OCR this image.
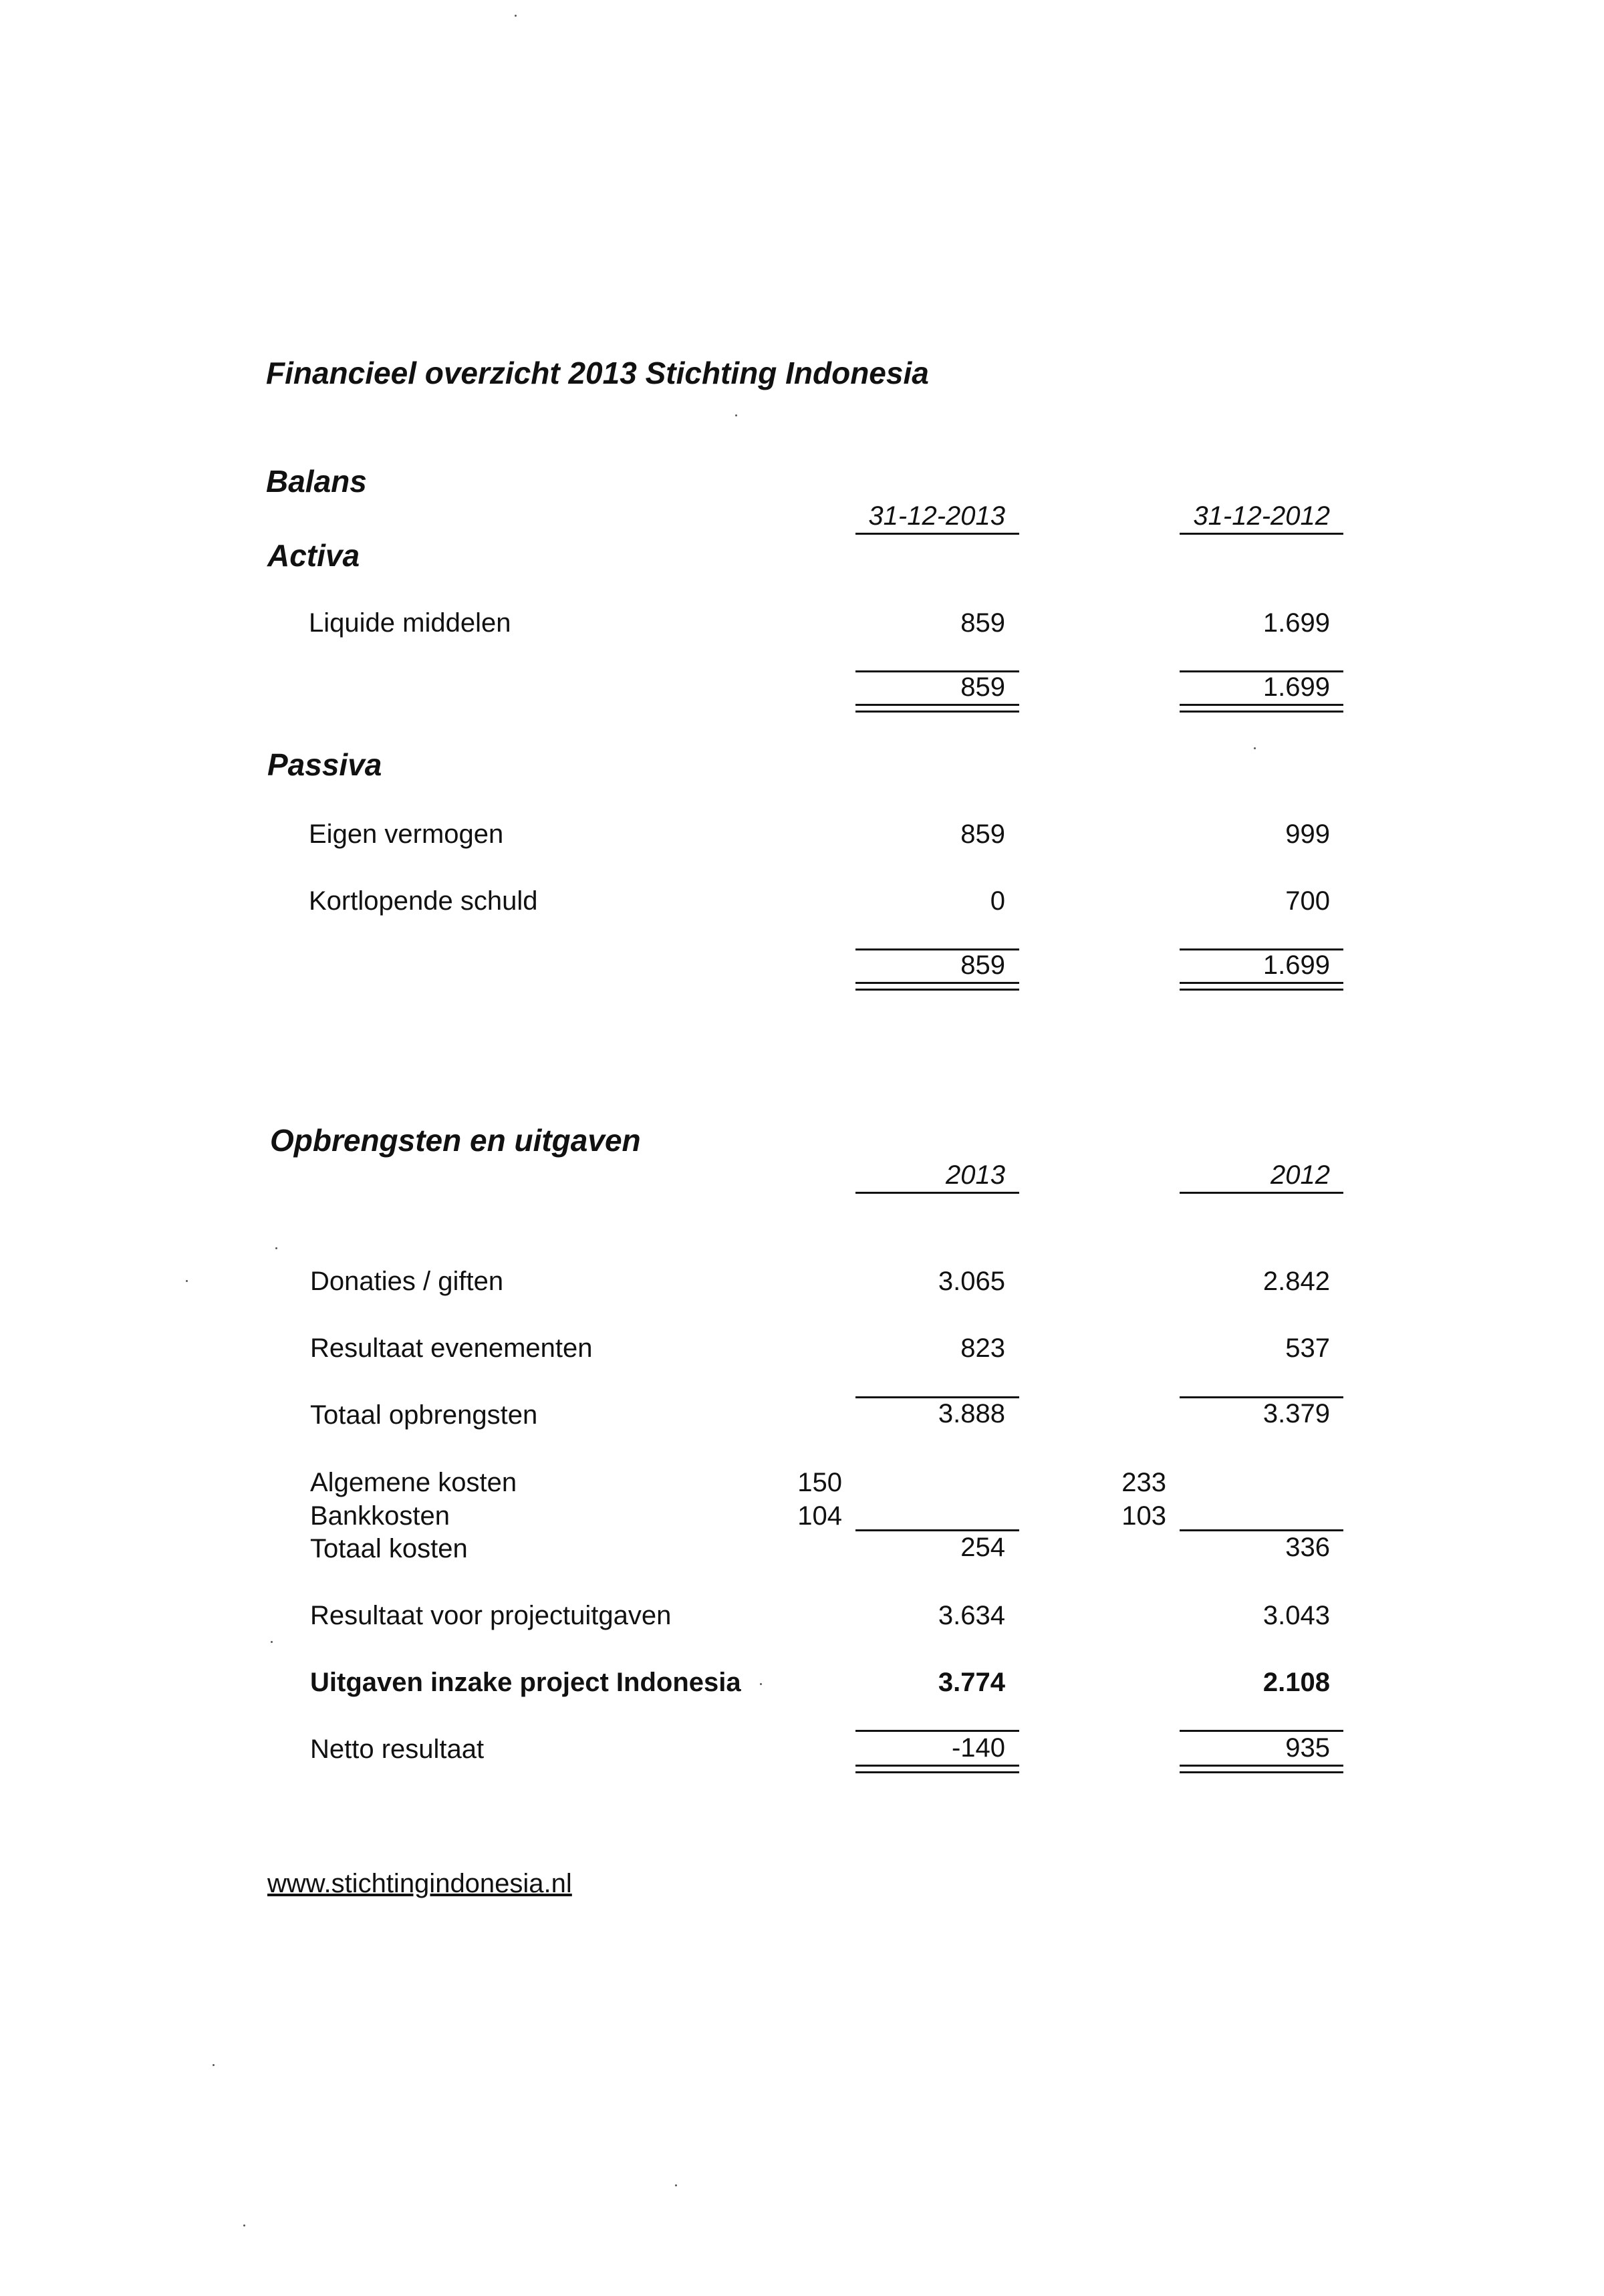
Financieel overzicht 2013 Stichting Indonesia
Balans
31-12-2013	31-12-2012
Activa
Liquide middelen	859	1.699
859	1.699
Passiva
Eigen vermogen	859	999
Kortlopende schuld	0	700
859	1.699
Opbrengsten en uitgaven
2013	2012
Donaties / giften	3.065	2.842
Resultaat evenementen	823	537
Totaal opbrengsten	3.888	3.379
Algemene kosten	150	233
Bankkosten	104	103
Totaal kosten	254	336
Resultaat voor projectuitgaven	3.634	3.043
Uitgaven inzake project Indonesia	3.774	2.108
Netto resultaat	-140	935
www.stichtingindonesia.nl
